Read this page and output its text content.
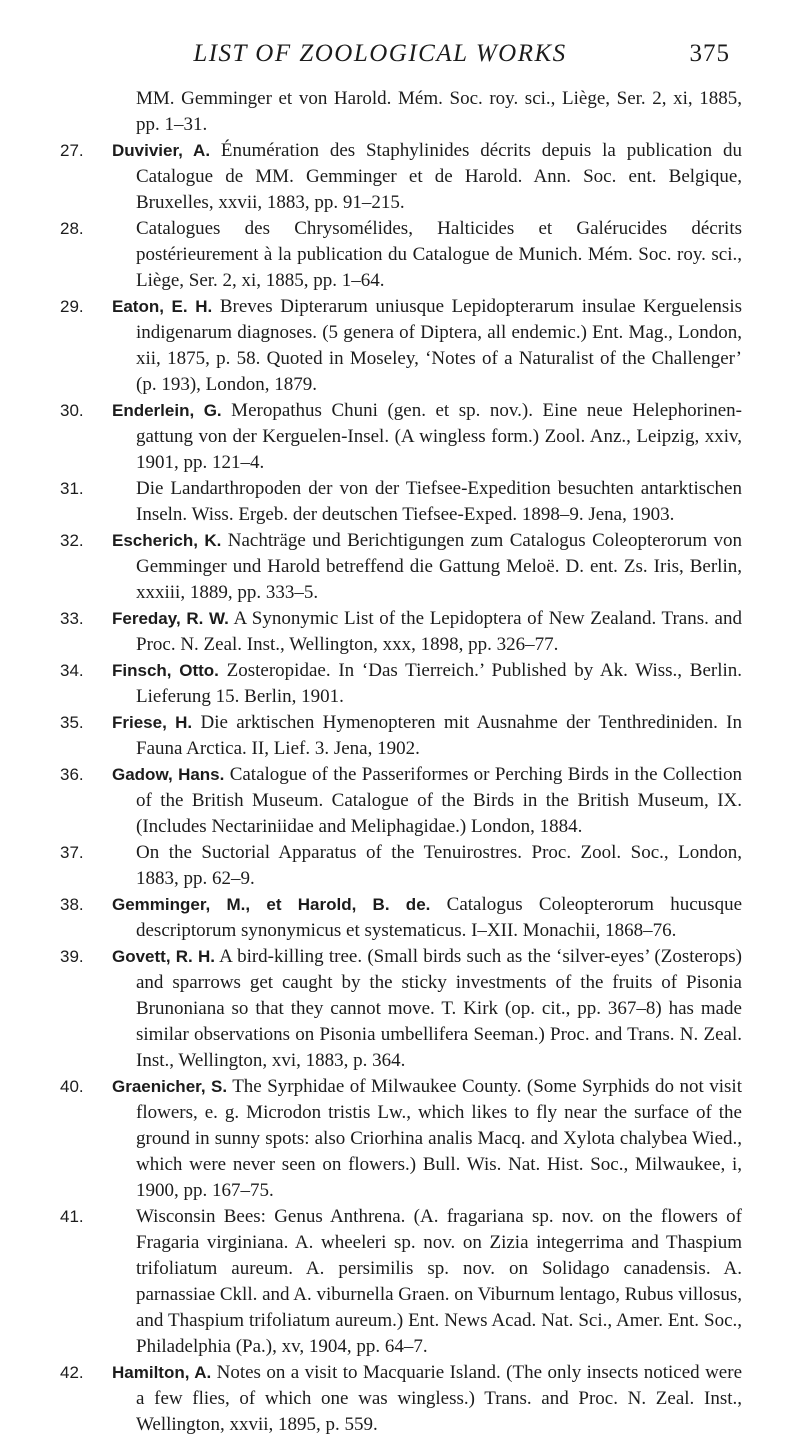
LIST OF ZOOLOGICAL WORKS	375
MM. Gemminger et von Harold. Mém. Soc. roy. sci., Liège, Ser. 2, xi, 1885, pp. 1–31.
27. Duvivier, A. Énumération des Staphylinides décrits depuis la publication du Catalogue de MM. Gemminger et de Harold. Ann. Soc. ent. Belgique, Bruxelles, xxvii, 1883, pp. 91–215.
28.	Catalogues des Chrysomélides, Halticides et Galérucides décrits postérieurement à la publication du Catalogue de Munich. Mém. Soc. roy. sci., Liège, Ser. 2, xi, 1885, pp. 1–64.
29. Eaton, E. H. Breves Dipterarum uniusque Lepidopterarum insulae Kerguelensis indigenarum diagnoses. (5 genera of Diptera, all endemic.) Ent. Mag., London, xii, 1875, p. 58. Quoted in Moseley, ‘Notes of a Naturalist of the Challenger’ (p. 193), London, 1879.
30. Enderlein, G. Meropathus Chuni (gen. et sp. nov.). Eine neue Helephorinen-gattung von der Kerguelen-Insel. (A wingless form.) Zool. Anz., Leipzig, xxiv, 1901, pp. 121–4.
31.	Die Landarthropoden der von der Tiefsee-Expedition besuchten antarktischen Inseln. Wiss. Ergeb. der deutschen Tiefsee-Exped. 1898–9. Jena, 1903.
32. Escherich, K. Nachträge und Berichtigungen zum Catalogus Coleopterorum von Gemminger und Harold betreffend die Gattung Meloë. D. ent. Zs. Iris, Berlin, xxxiii, 1889, pp. 333–5.
33. Fereday, R. W. A Synonymic List of the Lepidoptera of New Zealand. Trans. and Proc. N. Zeal. Inst., Wellington, xxx, 1898, pp. 326–77.
34. Finsch, Otto. Zosteropidae. In ‘Das Tierreich.’ Published by Ak. Wiss., Berlin. Lieferung 15. Berlin, 1901.
35. Friese, H. Die arktischen Hymenopteren mit Ausnahme der Tenthrediniden. In Fauna Arctica. II, Lief. 3. Jena, 1902.
36. Gadow, Hans. Catalogue of the Passeriformes or Perching Birds in the Collection of the British Museum. Catalogue of the Birds in the British Museum, IX. (Includes Nectariniidae and Meliphagidae.) London, 1884.
37.	On the Suctorial Apparatus of the Tenuirostres. Proc. Zool. Soc., London, 1883, pp. 62–9.
38. Gemminger, M., et Harold, B. de. Catalogus Coleopterorum hucusque descriptorum synonymicus et systematicus. I–XII. Monachii, 1868–76.
39. Govett, R. H. A bird-killing tree. (Small birds such as the ‘silver-eyes’ (Zosterops) and sparrows get caught by the sticky investments of the fruits of Pisonia Brunoniana so that they cannot move. T. Kirk (op. cit., pp. 367–8) has made similar observations on Pisonia umbellifera Seeman.) Proc. and Trans. N. Zeal. Inst., Wellington, xvi, 1883, p. 364.
40. Graenicher, S. The Syrphidae of Milwaukee County. (Some Syrphids do not visit flowers, e. g. Microdon tristis Lw., which likes to fly near the surface of the ground in sunny spots: also Criorhina analis Macq. and Xylota chalybea Wied., which were never seen on flowers.) Bull. Wis. Nat. Hist. Soc., Milwaukee, i, 1900, pp. 167–75.
41.	Wisconsin Bees: Genus Anthrena. (A. fragariana sp. nov. on the flowers of Fragaria virginiana. A. wheeleri sp. nov. on Zizia integerrima and Thaspium trifoliatum aureum. A. persimilis sp. nov. on Solidago canadensis. A. parnassiae Ckll. and A. viburnella Graen. on Viburnum lentago, Rubus villosus, and Thaspium trifoliatum aureum.) Ent. News Acad. Nat. Sci., Amer. Ent. Soc., Philadelphia (Pa.), xv, 1904, pp. 64–7.
42. Hamilton, A. Notes on a visit to Macquarie Island. (The only insects noticed were a few flies, of which one was wingless.) Trans. and Proc. N. Zeal. Inst., Wellington, xxvii, 1895, p. 559.
